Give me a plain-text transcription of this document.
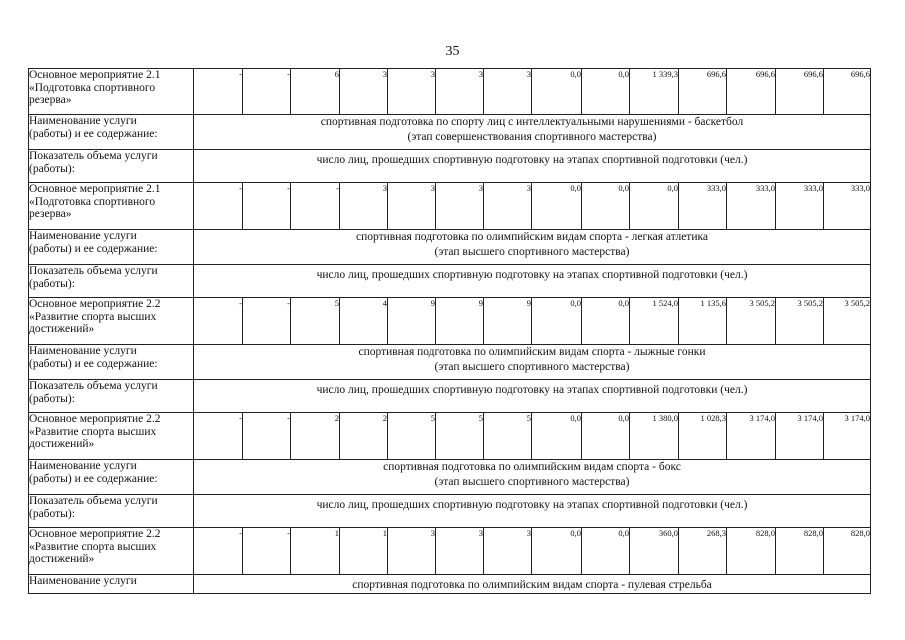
35
Основное мероприятие 2.1
«Подготовка спортивного
резерва»	-	-	6	3	3	3	3	0,0	0,0	1 339,3	696,6	696,6	696,6	696,6
Наименование услуги
(работы) и ее содержание:	спортивная подготовка по спорту лиц с интеллектуальными нарушениями - баскетбол
(этап совершенствования спортивного мастерства)													
Показатель объема услуги
(работы):	число лиц, прошедших спортивную подготовку на этапах спортивной подготовки (чел.)													
Основное мероприятие 2.1
«Подготовка спортивного
резерва»	-	-	-	3	3	3	3	0,0	0,0	0,0	333,0	333,0	333,0	333,0
Наименование услуги
(работы) и ее содержание:	спортивная подготовка по олимпийским видам спорта - легкая атлетика
(этап высшего спортивного мастерства)													
Показатель объема услуги
(работы):	число лиц, прошедших спортивную подготовку на этапах спортивной подготовки (чел.)													
Основное мероприятие 2.2
«Развитие спорта высших
достижений»	-	-	5	4	9	9	9	0,0	0,0	1 524,0	1 135,6	3 505,2	3 505,2	3 505,2
Наименование услуги
(работы) и ее содержание:	спортивная подготовка по олимпийским видам спорта - лыжные гонки
(этап высшего спортивного мастерства)													
Показатель объема услуги
(работы):	число лиц, прошедших спортивную подготовку на этапах спортивной подготовки (чел.)													
Основное мероприятие 2.2
«Развитие спорта высших
достижений»	-	-	2	2	5	5	5	0,0	0,0	1 380,0	1 028,3	3 174,0	3 174,0	3 174,0
Наименование услуги
(работы) и ее содержание:	спортивная подготовка по олимпийским видам спорта - бокс
(этап высшего спортивного мастерства)													
Показатель объема услуги
(работы):	число лиц, прошедших спортивную подготовку на этапах спортивной подготовки (чел.)													
Основное мероприятие 2.2
«Развитие спорта высших
достижений»	-	-	1	1	3	3	3	0,0	0,0	360,0	268,3	828,0	828,0	828,0
Наименование услуги	спортивная подготовка по олимпийским видам спорта - пулевая стрельба													
